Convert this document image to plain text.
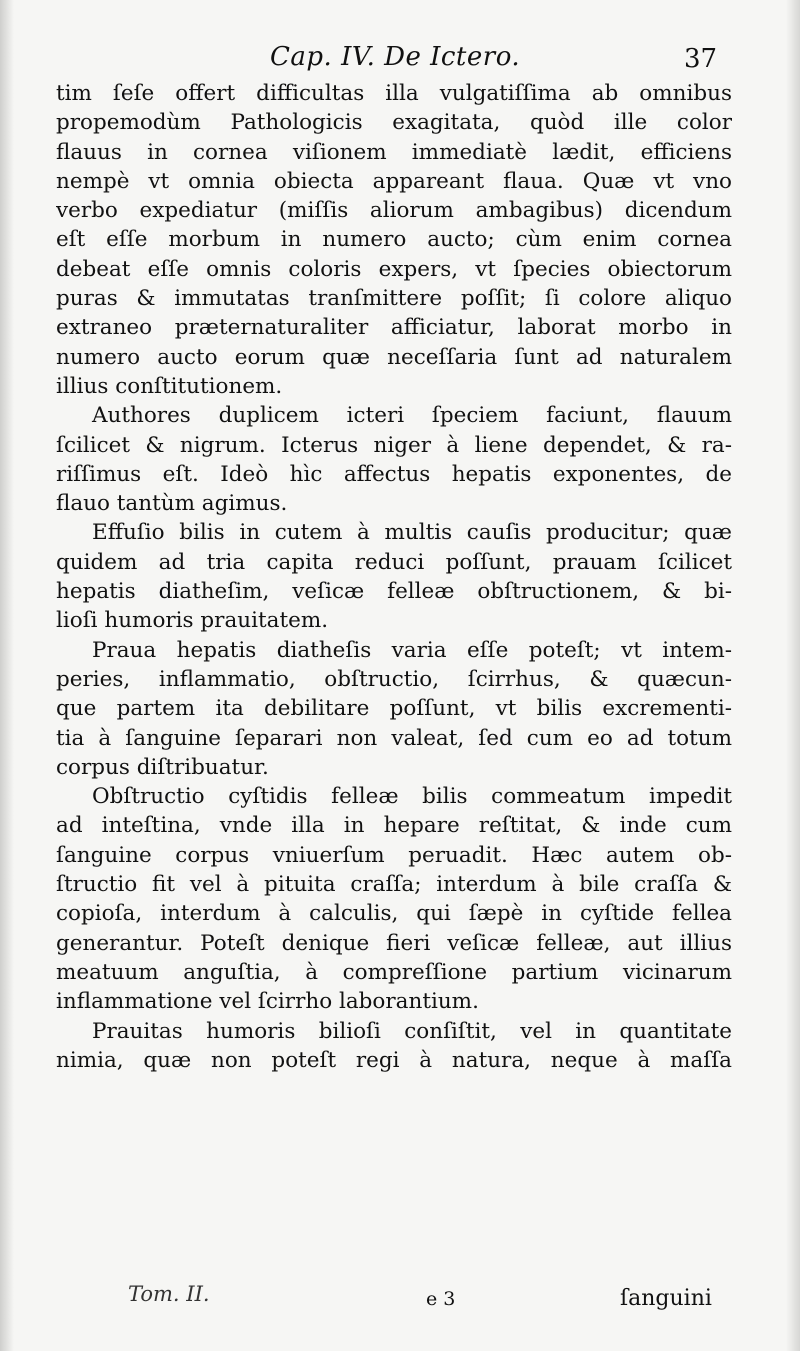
Cap. IV. De Ictero.	37
tim ſeſe offert difficultas illa vulgatiſſima ab omnibus
propemodùm Pathologicis exagitata, quòd ille color
flauus in cornea viſionem immediatè lædit, efficiens
nempè vt omnia obiecta appareant flaua. Quæ vt vno
verbo expediatur (miſſis aliorum ambagibus) dicendum
eſt eſſe morbum in numero aucto; cùm enim cornea
debeat eſſe omnis coloris expers, vt ſpecies obiectorum
puras & immutatas tranſmittere poſſit; ſi colore aliquo
extraneo præternaturaliter afficiatur, laborat morbo in
numero aucto eorum quæ neceſſaria ſunt ad naturalem
illius conſtitutionem.
Authores duplicem icteri ſpeciem faciunt, flauum
ſcilicet & nigrum. Icterus niger à liene dependet, & ra-
riſſimus eſt. Ideò hìc affectus hepatis exponentes, de
flauo tantùm agimus.
Effuſio bilis in cutem à multis cauſis producitur; quæ
quidem ad tria capita reduci poſſunt, prauam ſcilicet
hepatis diatheſim, veſicæ felleæ obſtructionem, & bi-
lioſi humoris prauitatem.
Praua hepatis diatheſis varia eſſe poteſt; vt intem-
peries, inflammatio, obſtructio, ſcirrhus, & quæcun-
que partem ita debilitare poſſunt, vt bilis excrementi-
tia à ſanguine ſeparari non valeat, ſed cum eo ad totum
corpus diſtribuatur.
Obſtructio cyſtidis felleæ bilis commeatum impedit
ad inteſtina, vnde illa in hepare reſtitat, & inde cum
ſanguine corpus vniuerſum peruadit. Hæc autem ob-
ſtructio fit vel à pituita craſſa; interdum à bile craſſa &
copioſa, interdum à calculis, qui ſæpè in cyſtide fellea
generantur. Poteſt denique fieri veſicæ felleæ, aut illius
meatuum anguſtia, à compreſſione partium vicinarum
inflammatione vel ſcirrho laborantium.
Prauitas humoris bilioſi conſiſtit, vel in quantitate
nimia, quæ non poteſt regi à natura, neque à maſſa
Tom. II.	e 3	ſanguini
